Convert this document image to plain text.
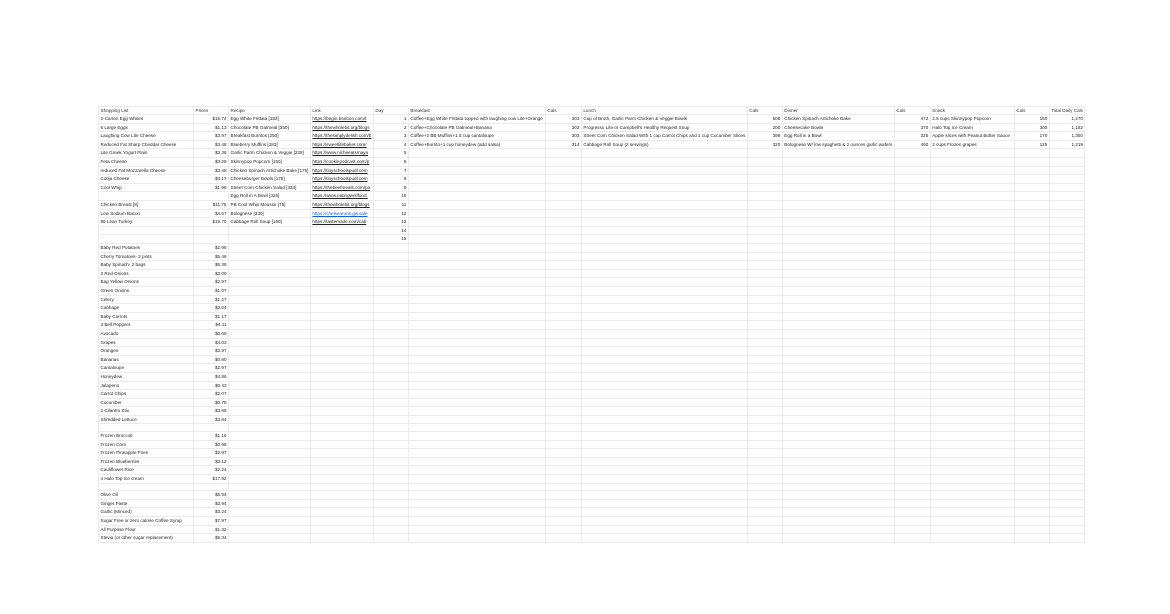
Shopping List	Prices	Recipe	Link	Day	Breakfast	Cals	Lunch	Cals	Dinner	Cals	Snack	Cals	Total Daily Cals
2-Carton Egg Whites	$16.74	Egg White Frittata [183]	https://begin.bonbon.com/t	1	Coffee+Egg White Frittata topped with laughing cow Lite+Orange	303	Cup of Broth, Garlic Parm Chicken & Veggie Bowls	508	Chicken Spinach Artichoke Bake	472	2.5 cups Skinnypop Popcorn	150	1,270
6 Large Eggs	$1.13	Chocolate PB Oatmeal [350]	https://thewholebit.org/blogs	2	Coffee+Chocolate PB Oatmeal+Banana	303	Progresso Lite or Campbell's Healthy Request Soup	200	Cheesecake Bowls	370	Halo Top Ice Cream	300	1,182
Laughing Cow Lite Cheese	$3.97	Breakfast Burritos [250]	https://thesimplydelish.com/b	3	Coffee+2 BB Muffins+1.5 cup cantaloupe	303	Street Corn Chicken Salad With 1 cup Carrot Chips and 1 cup Cucumber Slices	399	Egg Roll in a Bowl	325	Apple slices with Peanut Butter Sauce	170	1,350
Reduced Fat Sharp Cheddar Cheese	$3.48	Blueberry Muffins [183]	https://sweetlifebaker.com/	4	Coffee+Burrito+1 cup honeydew (add salsa)	314	Cabbage Roll Soup (2 servings)	320	Bolognese W/ low spaghetti & 2 ounces garlic wafers	460	2 cups Frozen grapes	125	1,219
Lite Greek Yogurt Plain	$3.36	Garlic Parm Chicken & Veggie [238]	https://www.nicheeatsmaya	5									
Feta Cheese	$3.28	Skinnypop Popcorn [150]	https://cookinpodcast.com/p	6									
reduced Fat Mozzarella Cheese	$3.48	Chicken Spinach Artichoke Bake [175]	https://tinyschoolspudl.com	7									
Cotija Cheese	$3.17	Cheeseburger Bowls [178]	https://tinyschoolspudl.com	8									
Cool Whip	$1.98	Street Corn Chicken Salad [334]	https://thebeefmeals.com/pa	9									
		Egg Roll in A Bowl [325]	https://www.eatingwellfood.	10									
Chicken Breast [8]	$11.75	PB Cool Whip Mousse [75]	https://thewholebit.org/blogs	11									
Low Sodium Bacon	$4.67	Bolognese [330]	https://chelsearuns.gw.sale	12									
99 Lean Turkey	$19.70	Cabbage Roll Soup [160]	https://tastemade.com/cab	13									
				14									
				15									
Baby Red Potatoes	$2.96												
Cherry Tomatoes- 2 pints	$5.46												
Baby Spinach- 2 bags	$6.38												
3 Red Onions	$3.00												
Bag Yellow Onions	$2.97												
Green Onions	$1.07												
Celery	$1.27												
Cabbage	$3.04												
Baby Carrots	$1.17												
3 Bell Peppers	$4.11												
Avocado	$0.60												
Grapes	$4.03												
Oranges	$3.97												
Bananas	$0.80												
Cantaloupe	$2.97												
Honeydew	$4.86												
Jalapeno	$0.43												
Carrot Chips	$2.07												
Cucumber	$0.78												
2 Cilantro Stix	$3.88												
Shredded Lettuce	$3.84												

Frozen Broccoli	$1.16												
Frozen Corn	$0.98												
Frozen Pineapple Fries	$2.97												
Frozen Blueberries	$3.12												
Cauliflower Rice	$2.24												
4 Halo Top Ice cream	$17.92												

Olive Oil	$5.94												
Ginger Paste	$3.94												
Garlic (Minced)	$3.24												
Sugar Free or zero calorie Coffee Syrup	$7.97												
All Purpose Flour	$1.32												
Stevia (or other sugar replacement)	$5.34												
